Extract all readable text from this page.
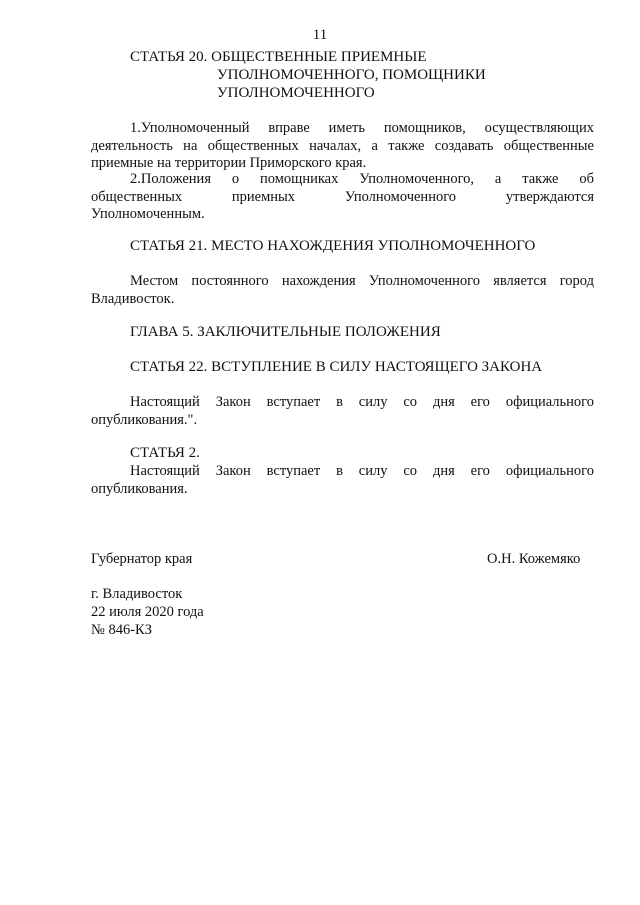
11
СТАТЬЯ 20. ОБЩЕСТВЕННЫЕ ПРИЕМНЫЕ
УПОЛНОМОЧЕННОГО, ПОМОЩНИКИ
УПОЛНОМОЧЕННОГО
1.Уполномоченный вправе иметь помощников, осуществляющих деятельность на общественных началах, а также создавать общественные приемные на территории Приморского края.
2.Положения о помощниках Уполномоченного, а также об
общественных приемных Уполномоченного утверждаются
Уполномоченным.
СТАТЬЯ 21. МЕСТО НАХОЖДЕНИЯ УПОЛНОМОЧЕННОГО
Местом постоянного нахождения Уполномоченного является город Владивосток.
ГЛАВА 5. ЗАКЛЮЧИТЕЛЬНЫЕ ПОЛОЖЕНИЯ
СТАТЬЯ 22. ВСТУПЛЕНИЕ В СИЛУ НАСТОЯЩЕГО ЗАКОНА
Настоящий Закон вступает в силу со дня его официального опубликования.".
СТАТЬЯ 2.
Настоящий Закон вступает в силу со дня его официального опубликования.
Губернатор края	О.Н. Кожемяко
г. Владивосток
22 июля 2020 года
№ 846-КЗ
